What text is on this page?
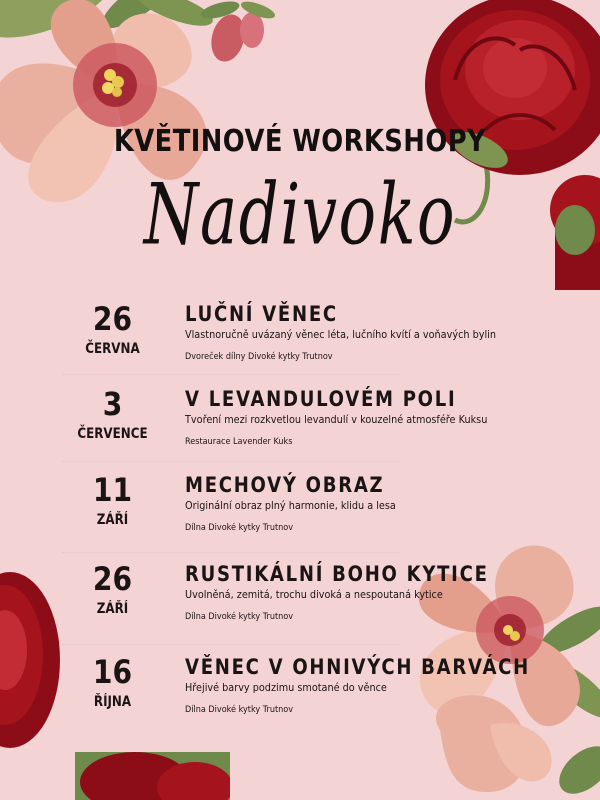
KVĚTINOVÉ WORKSHOPY
Nadivoko
26
ČERVNA
LUČNÍ VĚNEC
Vlastnoručně uvázaný věnec léta, lučního kvítí a voňavých bylin
Dvoreček dílny Divoké kytky Trutnov
3
ČERVENCE
V LEVANDULOVÉM POLI
Tvoření mezi rozkvetlou levandulí v kouzelné atmosféře Kuksu
Restaurace Lavender Kuks
11
ZÁŘÍ
MECHOVÝ OBRAZ
Originální obraz plný harmonie, klidu a lesa
Dílna Divoké kytky Trutnov
26
ZÁŘÍ
RUSTIKÁLNÍ BOHO KYTICE
Uvolněná, zemitá, trochu divoká a nespoutaná kytice
Dílna Divoké kytky Trutnov
16
ŘÍJNA
VĚNEC V OHNIVÝCH BARVÁCH
Hřejivé barvy podzimu smotané do věnce
Dílna Divoké kytky Trutnov
